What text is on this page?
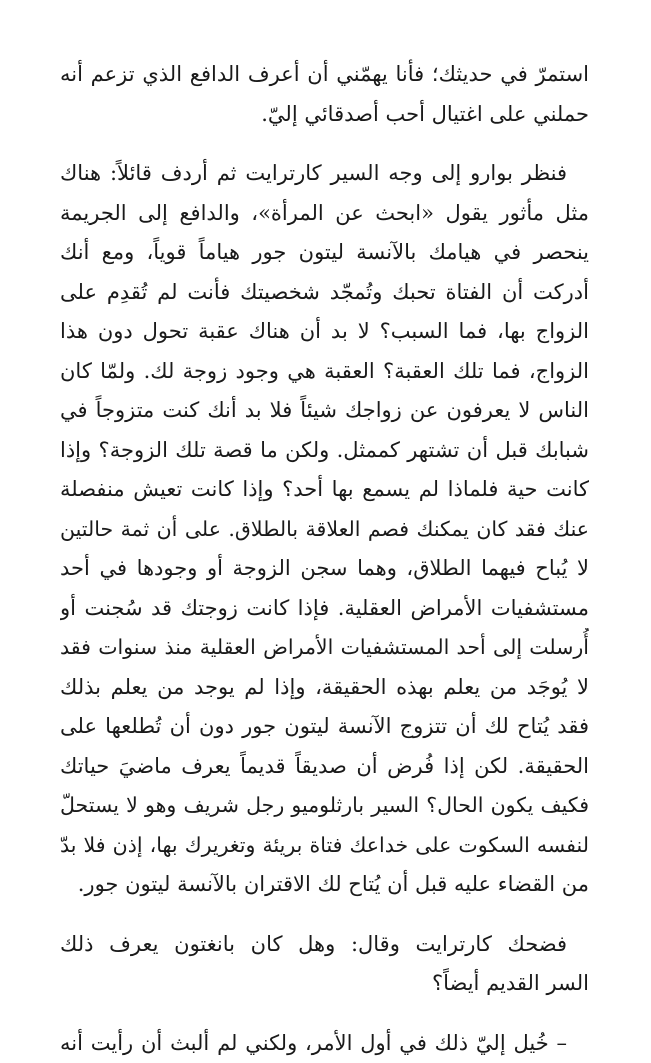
استمرّ في حديثك؛ فأنا يهمّني أن أعرف الدافع الذي تزعم أنه
حملني على اغتيال أحب أصدقائي إليّ.

فنظر بوارو إلى وجه السير كارترايت ثم أردف قائلاً: هناك
مثل مأثور يقول «ابحث عن المرأة»، والدافع إلى الجريمة
ينحصر في هيامك بالآنسة ليتون جور هياماً قوياً، ومع أنك
أدركت أن الفتاة تحبك وتُمجّد شخصيتك فأنت لم تُقدِم على
الزواج بها، فما السبب؟ لا بد أن هناك عقبة تحول دون هذا
الزواج، فما تلك العقبة؟ العقبة هي وجود زوجة لك. ولمّا كان
الناس لا يعرفون عن زواجك شيئاً فلا بد أنك كنت متزوجاً في
شبابك قبل أن تشتهر كممثل. ولكن ما قصة تلك الزوجة؟ وإذا
كانت حية فلماذا لم يسمع بها أحد؟ وإذا كانت تعيش منفصلة
عنك فقد كان يمكنك فصم العلاقة بالطلاق. على أن ثمة حالتين
لا يُباح فيهما الطلاق، وهما سجن الزوجة أو وجودها في أحد
مستشفيات الأمراض العقلية. فإذا كانت زوجتك قد سُجنت أو
أُرسلت إلى أحد المستشفيات الأمراض العقلية منذ سنوات فقد
لا يُوجَد من يعلم بهذه الحقيقة، وإذا لم يوجد من يعلم بذلك
فقد يُتاح لك أن تتزوج الآنسة ليتون جور دون أن تُطلعها على
الحقيقة. لكن إذا فُرض أن صديقاً قديماً يعرف ماضيَ حياتك
فكيف يكون الحال؟ السير بارثلوميو رجل شريف وهو لا يستحلّ
لنفسه السكوت على خداعك فتاة بريئة وتغريرك بها، إذن فلا بدّ
من القضاء عليه قبل أن يُتاح لك الاقتران بالآنسة ليتون جور.

فضحك كارترايت وقال: وهل كان بانغتون يعرف ذلك
السر القديم أيضاً؟

– خُيل إليّ ذلك في أول الأمر، ولكني لم ألبث أن رأيت أنه
